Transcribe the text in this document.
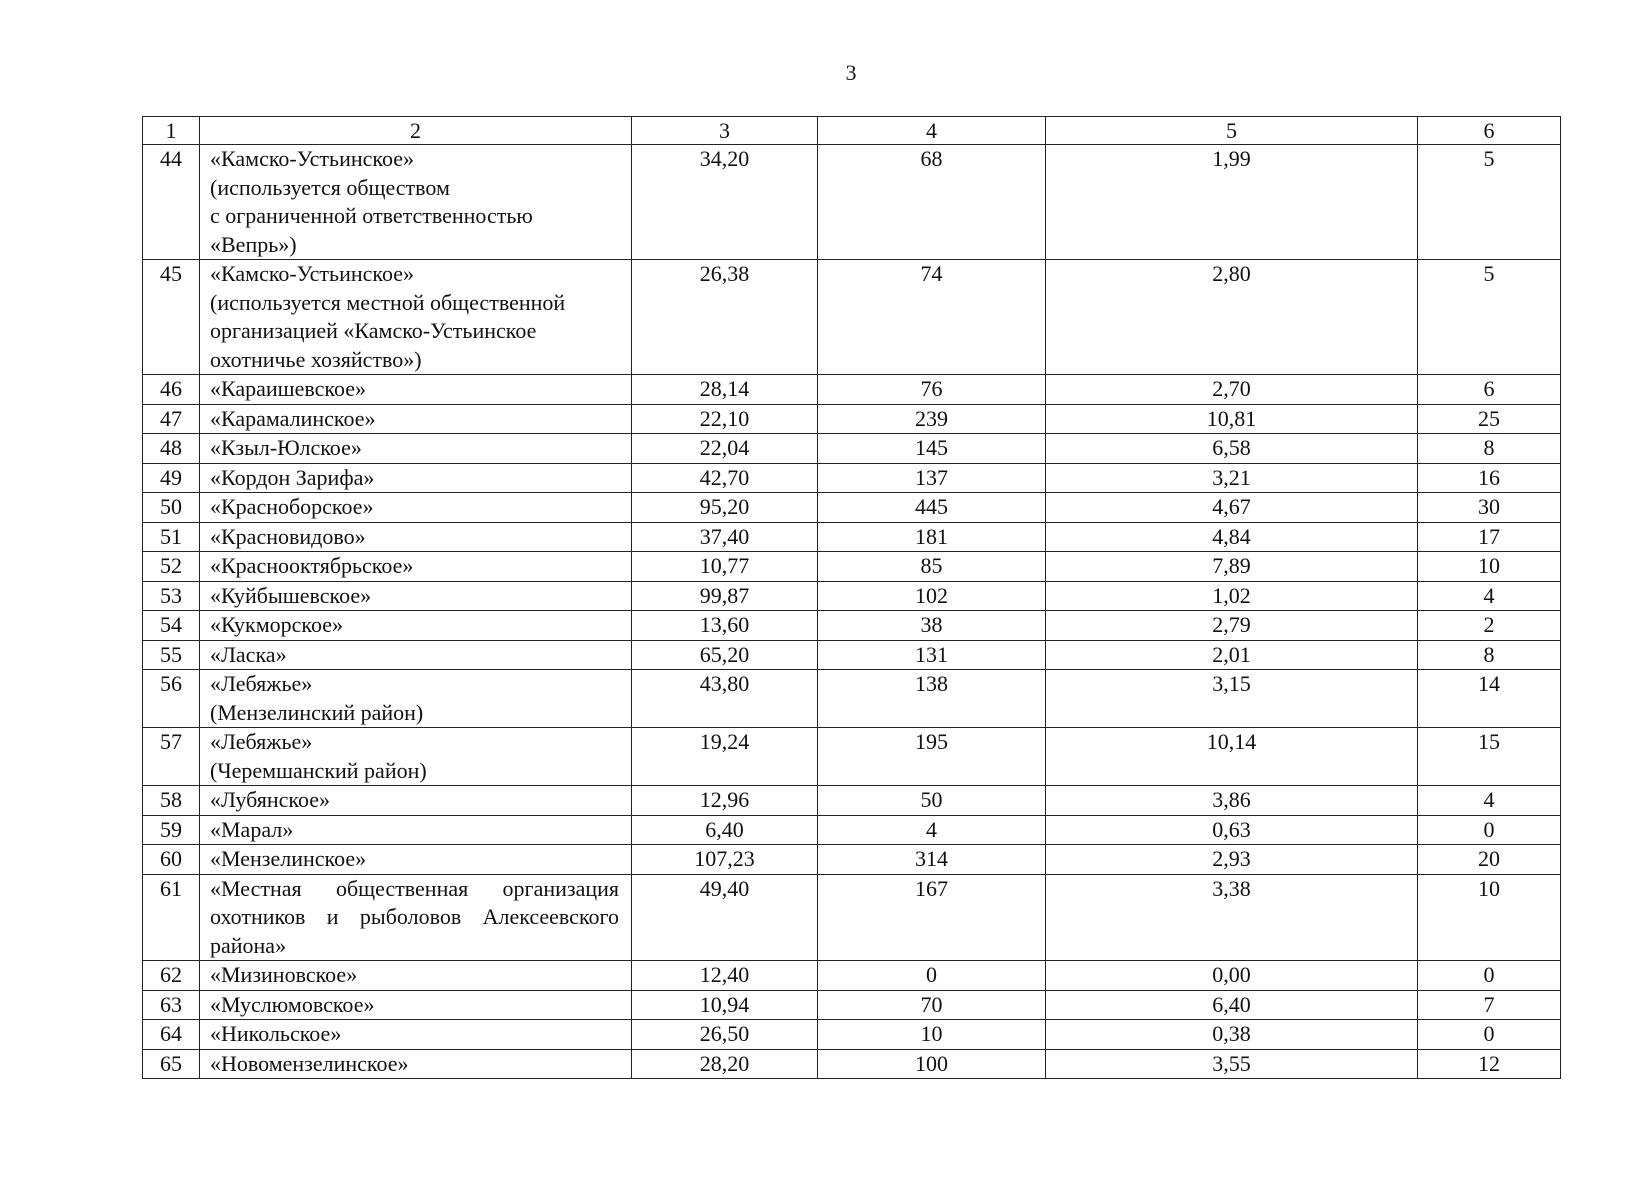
3
1	2	3	4	5	6
44	«Камско-Устьинское»
(используется обществом
с ограниченной ответственностью
«Вепрь»)	34,20	68	1,99	5
45	«Камско-Устьинское»
(используется местной общественной
организацией «Камско-Устьинское
охотничье хозяйство»)	26,38	74	2,80	5
46	«Караишевское»	28,14	76	2,70	6
47	«Карамалинское»	22,10	239	10,81	25
48	«Кзыл-Юлское»	22,04	145	6,58	8
49	«Кордон Зарифа»	42,70	137	3,21	16
50	«Красноборское»	95,20	445	4,67	30
51	«Красновидово»	37,40	181	4,84	17
52	«Краснооктябрьское»	10,77	85	7,89	10
53	«Куйбышевское»	99,87	102	1,02	4
54	«Кукморское»	13,60	38	2,79	2
55	«Ласка»	65,20	131	2,01	8
56	«Лебяжье»
(Мензелинский район)	43,80	138	3,15	14
57	«Лебяжье»
(Черемшанский район)	19,24	195	10,14	15
58	«Лубянское»	12,96	50	3,86	4
59	«Марал»	6,40	4	0,63	0
60	«Мензелинское»	107,23	314	2,93	20
61	«Местная общественная организация охотников и рыболовов Алексеевского района»	49,40	167	3,38	10
62	«Мизиновское»	12,40	0	0,00	0
63	«Муслюмовское»	10,94	70	6,40	7
64	«Никольское»	26,50	10	0,38	0
65	«Новомензелинское»	28,20	100	3,55	12
